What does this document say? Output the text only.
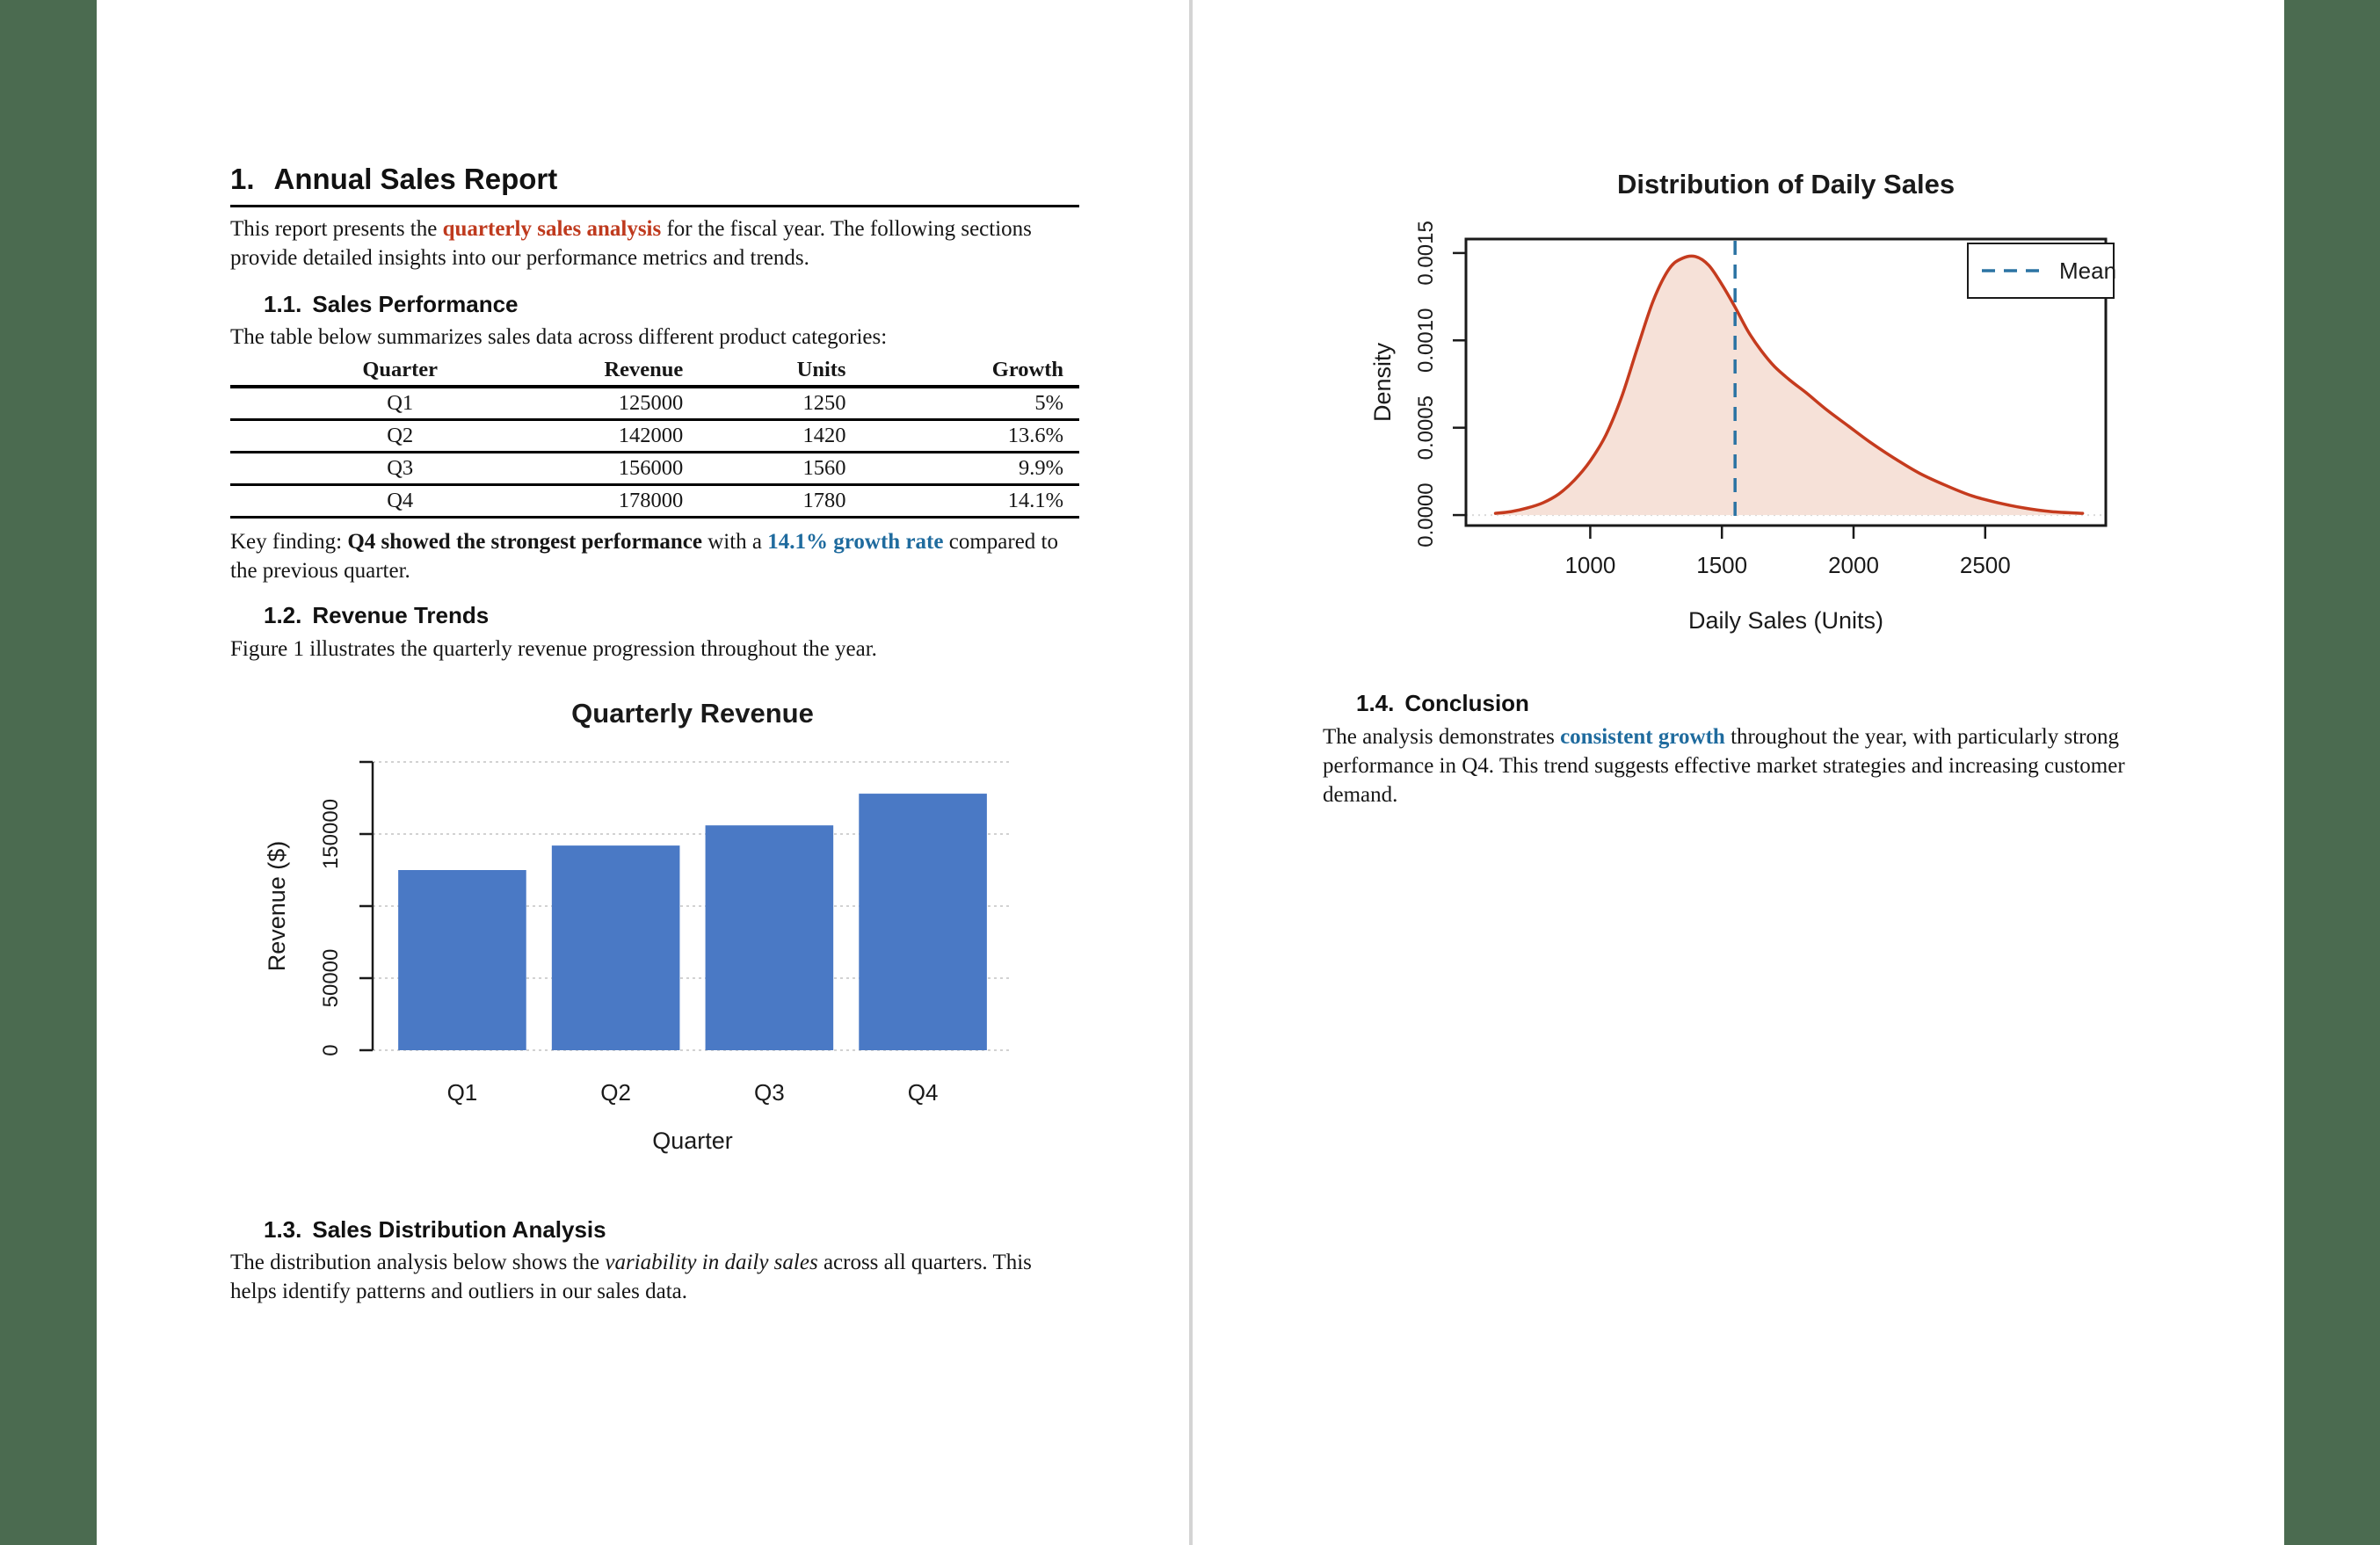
1. Annual Sales Report

This report presents the quarterly sales analysis for the fiscal year. The following sections provide detailed insights into our performance metrics and trends.

1.1. Sales Performance

The table below summarizes sales data across different product categories:

Quarter	Revenue	Units	Growth
Q1	125000	1250	5%
Q2	142000	1420	13.6%
Q3	156000	1560	9.9%
Q4	178000	1780	14.1%

Key finding: Q4 showed the strongest performance with a 14.1% growth rate compared to the previous quarter.

1.2. Revenue Trends

Figure 1 illustrates the quarterly revenue progression throughout the year.

Q1	Q2	Q3	Q4
0
50000
150000
Revenue ($)
Quarterly Revenue
Quarter
1.3. Sales Distribution Analysis

The distribution analysis below shows the variability in daily sales across all quarters. This helps identify patterns and outliers in our sales data.

1000	1500	2000	2500
0.0000
0.0005
0.0010
0.0015
Density
Distribution of Daily Sales
Daily Sales (Units)
Mean
1.4. Conclusion

The analysis demonstrates consistent growth throughout the year, with particularly strong performance in Q4. This trend suggests effective market strategies and increasing customer demand.
